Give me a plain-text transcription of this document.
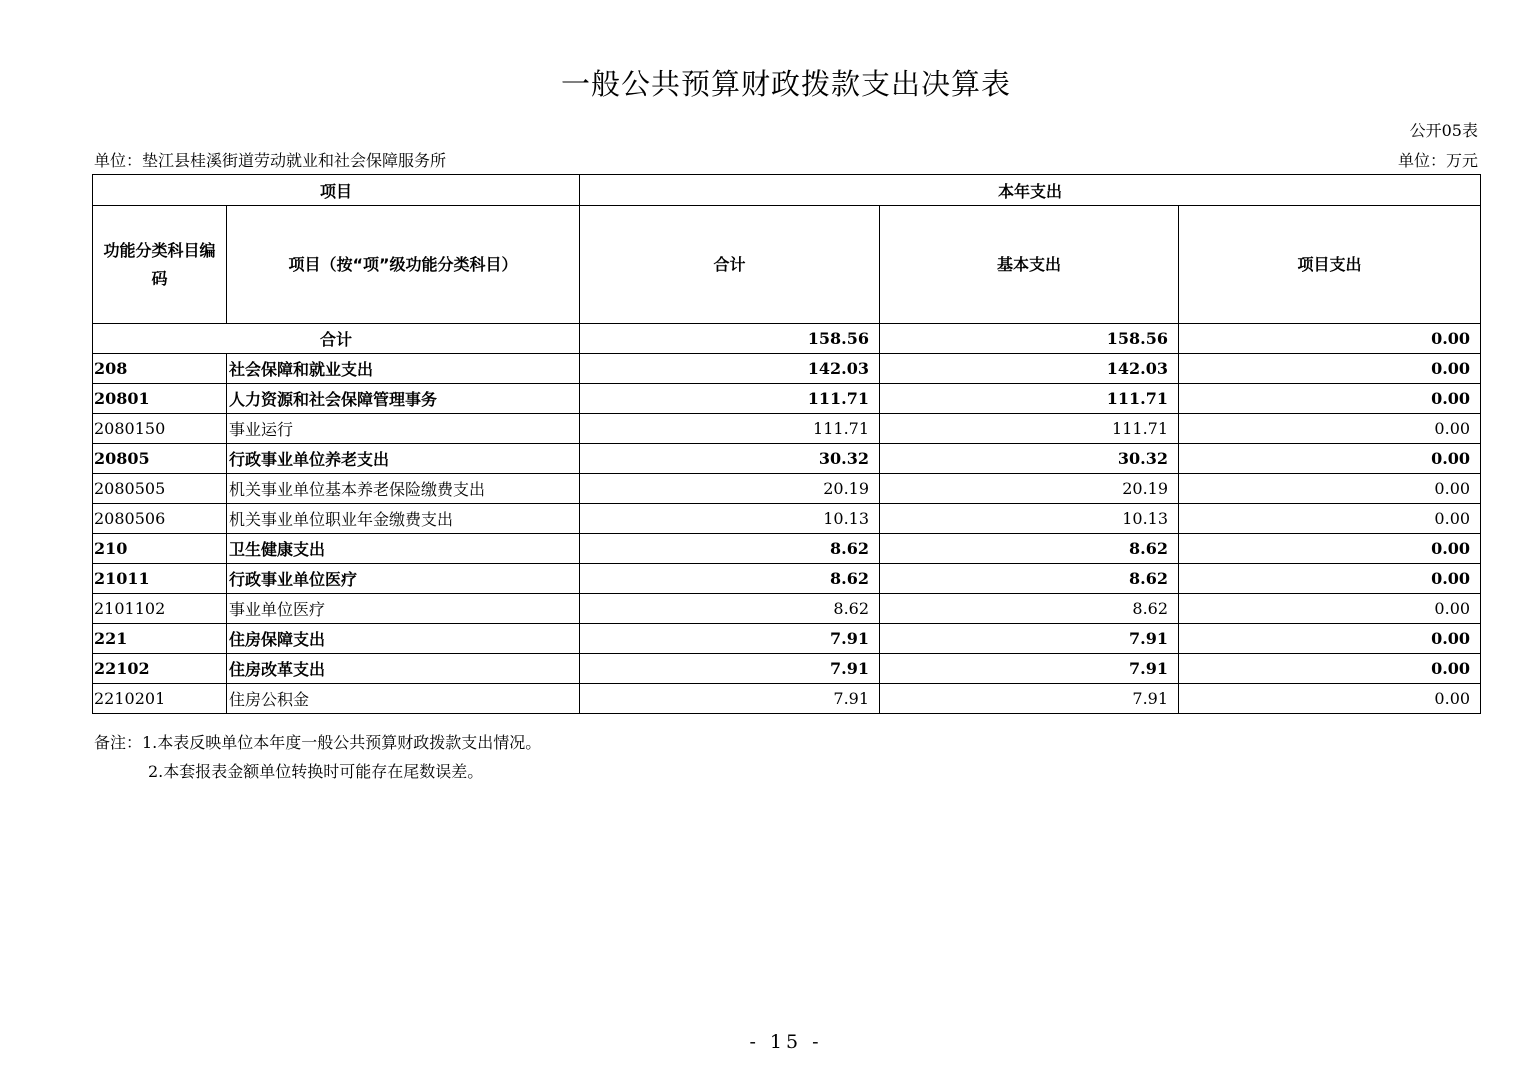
一般公共预算财政拨款支出决算表
公开05表
单位：垫江县桂溪街道劳动就业和社会保障服务所	单位：万元
项目		本年支出		
功能分类科目编码	项目（按“项”级功能分类科目）	合计	基本支出	项目支出
合计		158.56	158.56	0.00
208	社会保障和就业支出	142.03	142.03	0.00
20801	人力资源和社会保障管理事务	111.71	111.71	0.00
2080150	事业运行	111.71	111.71	0.00
20805	行政事业单位养老支出	30.32	30.32	0.00
2080505	机关事业单位基本养老保险缴费支出	20.19	20.19	0.00
2080506	机关事业单位职业年金缴费支出	10.13	10.13	0.00
210	卫生健康支出	8.62	8.62	0.00
21011	行政事业单位医疗	8.62	8.62	0.00
2101102	事业单位医疗	8.62	8.62	0.00
221	住房保障支出	7.91	7.91	0.00
22102	住房改革支出	7.91	7.91	0.00
2210201	住房公积金	7.91	7.91	0.00
备注：1.本表反映单位本年度一般公共预算财政拨款支出情况。
2.本套报表金额单位转换时可能存在尾数误差。
- 15 -
